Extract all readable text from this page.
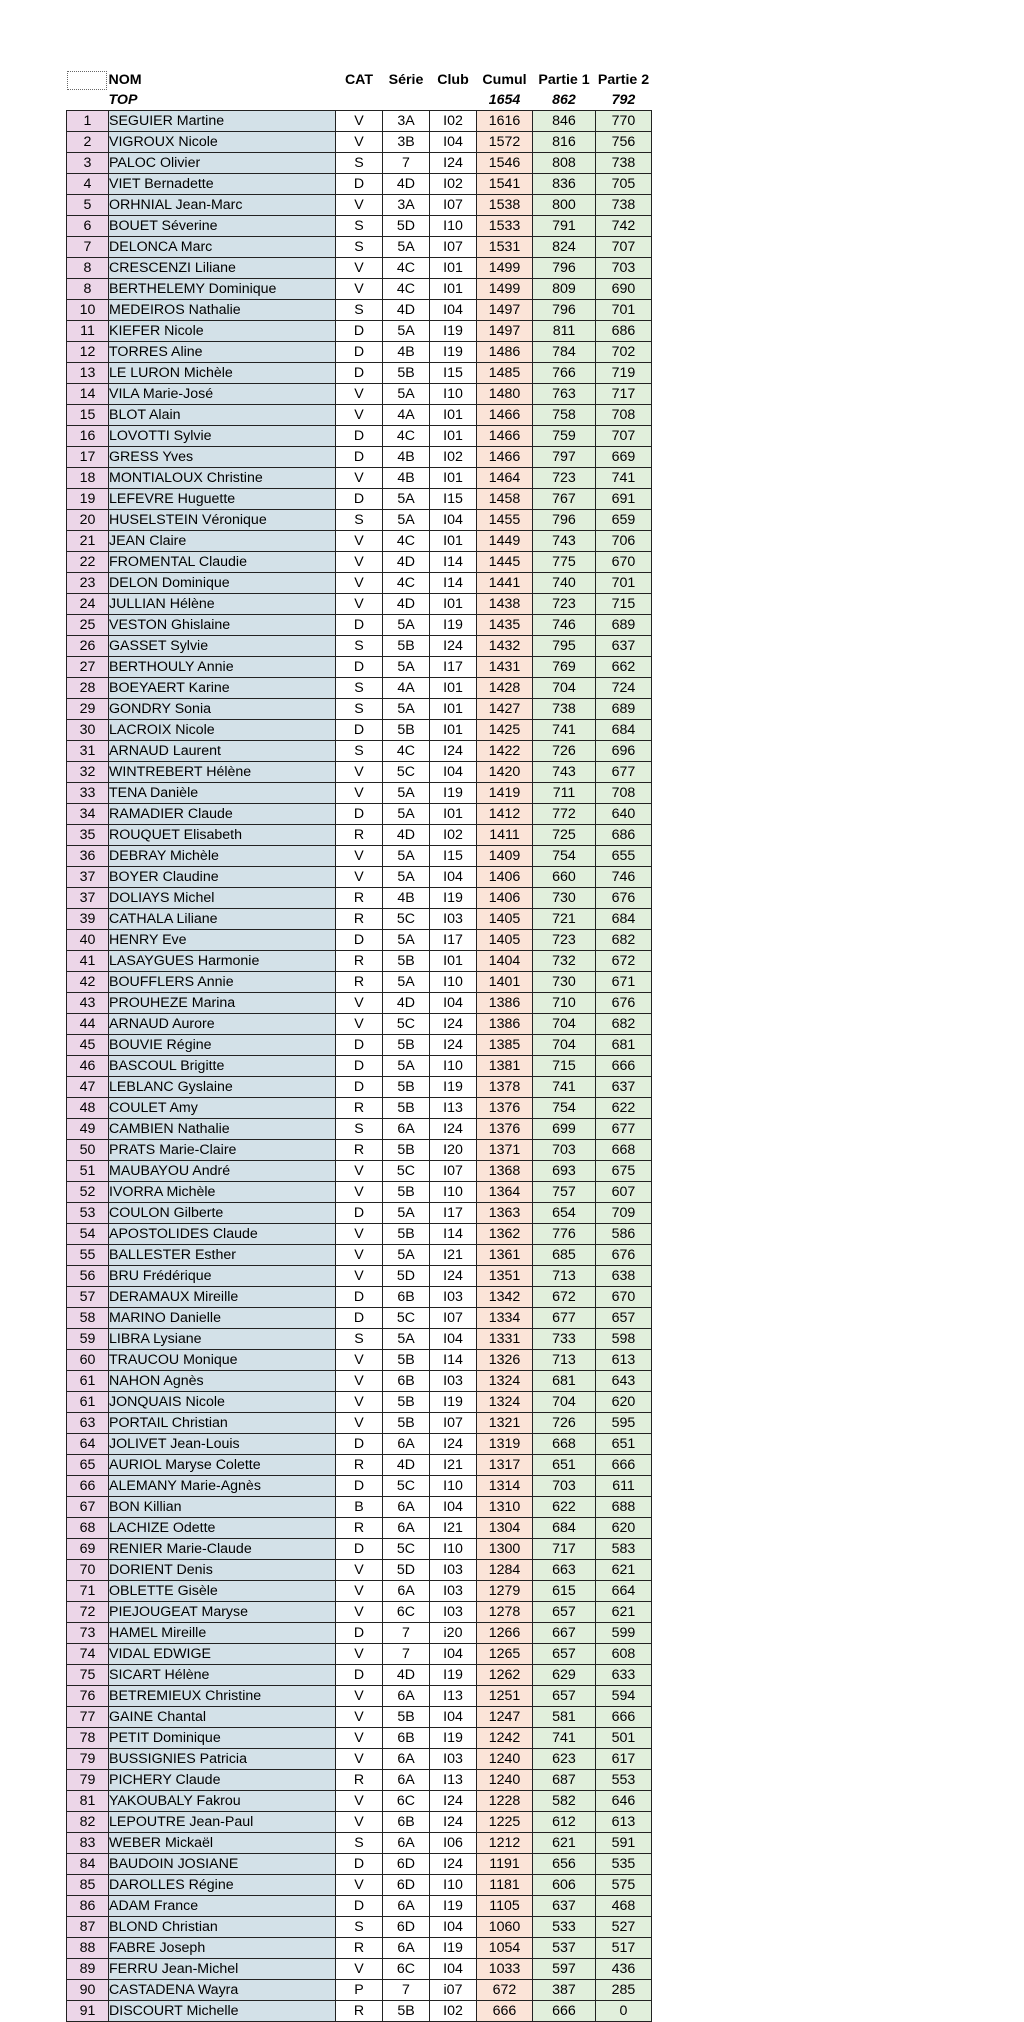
	NOM	CAT	Série	Club	Cumul	Partie 1	Partie 2
	TOP				1654	862	792
1	SEGUIER Martine	V	3A	I02	1616	846	770
2	VIGROUX Nicole	V	3B	I04	1572	816	756
3	PALOC Olivier	S	7	I24	1546	808	738
4	VIET Bernadette	D	4D	I02	1541	836	705
5	ORHNIAL Jean-Marc	V	3A	I07	1538	800	738
6	BOUET Séverine	S	5D	I10	1533	791	742
7	DELONCA Marc	S	5A	I07	1531	824	707
8	CRESCENZI Liliane	V	4C	I01	1499	796	703
8	BERTHELEMY Dominique	V	4C	I01	1499	809	690
10	MEDEIROS Nathalie	S	4D	I04	1497	796	701
11	KIEFER Nicole	D	5A	I19	1497	811	686
12	TORRES Aline	D	4B	I19	1486	784	702
13	LE LURON Michèle	D	5B	I15	1485	766	719
14	VILA Marie-José	V	5A	I10	1480	763	717
15	BLOT Alain	V	4A	I01	1466	758	708
16	LOVOTTI Sylvie	D	4C	I01	1466	759	707
17	GRESS Yves	D	4B	I02	1466	797	669
18	MONTIALOUX Christine	V	4B	I01	1464	723	741
19	LEFEVRE Huguette	D	5A	I15	1458	767	691
20	HUSELSTEIN Véronique	S	5A	I04	1455	796	659
21	JEAN Claire	V	4C	I01	1449	743	706
22	FROMENTAL Claudie	V	4D	I14	1445	775	670
23	DELON Dominique	V	4C	I14	1441	740	701
24	JULLIAN Hélène	V	4D	I01	1438	723	715
25	VESTON Ghislaine	D	5A	I19	1435	746	689
26	GASSET Sylvie	S	5B	I24	1432	795	637
27	BERTHOULY Annie	D	5A	I17	1431	769	662
28	BOEYAERT Karine	S	4A	I01	1428	704	724
29	GONDRY Sonia	S	5A	I01	1427	738	689
30	LACROIX Nicole	D	5B	I01	1425	741	684
31	ARNAUD Laurent	S	4C	I24	1422	726	696
32	WINTREBERT Hélène	V	5C	I04	1420	743	677
33	TENA Danièle	V	5A	I19	1419	711	708
34	RAMADIER Claude	D	5A	I01	1412	772	640
35	ROUQUET Elisabeth	R	4D	I02	1411	725	686
36	DEBRAY Michèle	V	5A	I15	1409	754	655
37	BOYER Claudine	V	5A	I04	1406	660	746
37	DOLIAYS Michel	R	4B	I19	1406	730	676
39	CATHALA Liliane	R	5C	I03	1405	721	684
40	HENRY Eve	D	5A	I17	1405	723	682
41	LASAYGUES Harmonie	R	5B	I01	1404	732	672
42	BOUFFLERS Annie	R	5A	I10	1401	730	671
43	PROUHEZE Marina	V	4D	I04	1386	710	676
44	ARNAUD Aurore	V	5C	I24	1386	704	682
45	BOUVIE Régine	D	5B	I24	1385	704	681
46	BASCOUL Brigitte	D	5A	I10	1381	715	666
47	LEBLANC Gyslaine	D	5B	I19	1378	741	637
48	COULET Amy	R	5B	I13	1376	754	622
49	CAMBIEN Nathalie	S	6A	I24	1376	699	677
50	PRATS Marie-Claire	R	5B	I20	1371	703	668
51	MAUBAYOU André	V	5C	I07	1368	693	675
52	IVORRA Michèle	V	5B	I10	1364	757	607
53	COULON Gilberte	D	5A	I17	1363	654	709
54	APOSTOLIDES Claude	V	5B	I14	1362	776	586
55	BALLESTER Esther	V	5A	I21	1361	685	676
56	BRU Frédérique	V	5D	I24	1351	713	638
57	DERAMAUX Mireille	D	6B	I03	1342	672	670
58	MARINO Danielle	D	5C	I07	1334	677	657
59	LIBRA Lysiane	S	5A	I04	1331	733	598
60	TRAUCOU Monique	V	5B	I14	1326	713	613
61	NAHON Agnès	V	6B	I03	1324	681	643
61	JONQUAIS Nicole	V	5B	I19	1324	704	620
63	PORTAIL Christian	V	5B	I07	1321	726	595
64	JOLIVET Jean-Louis	D	6A	I24	1319	668	651
65	AURIOL Maryse Colette	R	4D	I21	1317	651	666
66	ALEMANY Marie-Agnès	D	5C	I10	1314	703	611
67	BON Killian	B	6A	I04	1310	622	688
68	LACHIZE Odette	R	6A	I21	1304	684	620
69	RENIER Marie-Claude	D	5C	I10	1300	717	583
70	DORIENT Denis	V	5D	I03	1284	663	621
71	OBLETTE Gisèle	V	6A	I03	1279	615	664
72	PIEJOUGEAT Maryse	V	6C	I03	1278	657	621
73	HAMEL Mireille	D	7	i20	1266	667	599
74	VIDAL EDWIGE	V	7	I04	1265	657	608
75	SICART Hélène	D	4D	I19	1262	629	633
76	BETREMIEUX Christine	V	6A	I13	1251	657	594
77	GAINE Chantal	V	5B	I04	1247	581	666
78	PETIT Dominique	V	6B	I19	1242	741	501
79	BUSSIGNIES Patricia	V	6A	I03	1240	623	617
79	PICHERY Claude	R	6A	I13	1240	687	553
81	YAKOUBALY Fakrou	V	6C	I24	1228	582	646
82	LEPOUTRE Jean-Paul	V	6B	I24	1225	612	613
83	WEBER Mickaël	S	6A	I06	1212	621	591
84	BAUDOIN JOSIANE	D	6D	I24	1191	656	535
85	DAROLLES Régine	V	6D	I10	1181	606	575
86	ADAM France	D	6A	I19	1105	637	468
87	BLOND Christian	S	6D	I04	1060	533	527
88	FABRE Joseph	R	6A	I19	1054	537	517
89	FERRU Jean-Michel	V	6C	I04	1033	597	436
90	CASTADENA Wayra	P	7	i07	672	387	285
91	DISCOURT Michelle	R	5B	I02	666	666	0
